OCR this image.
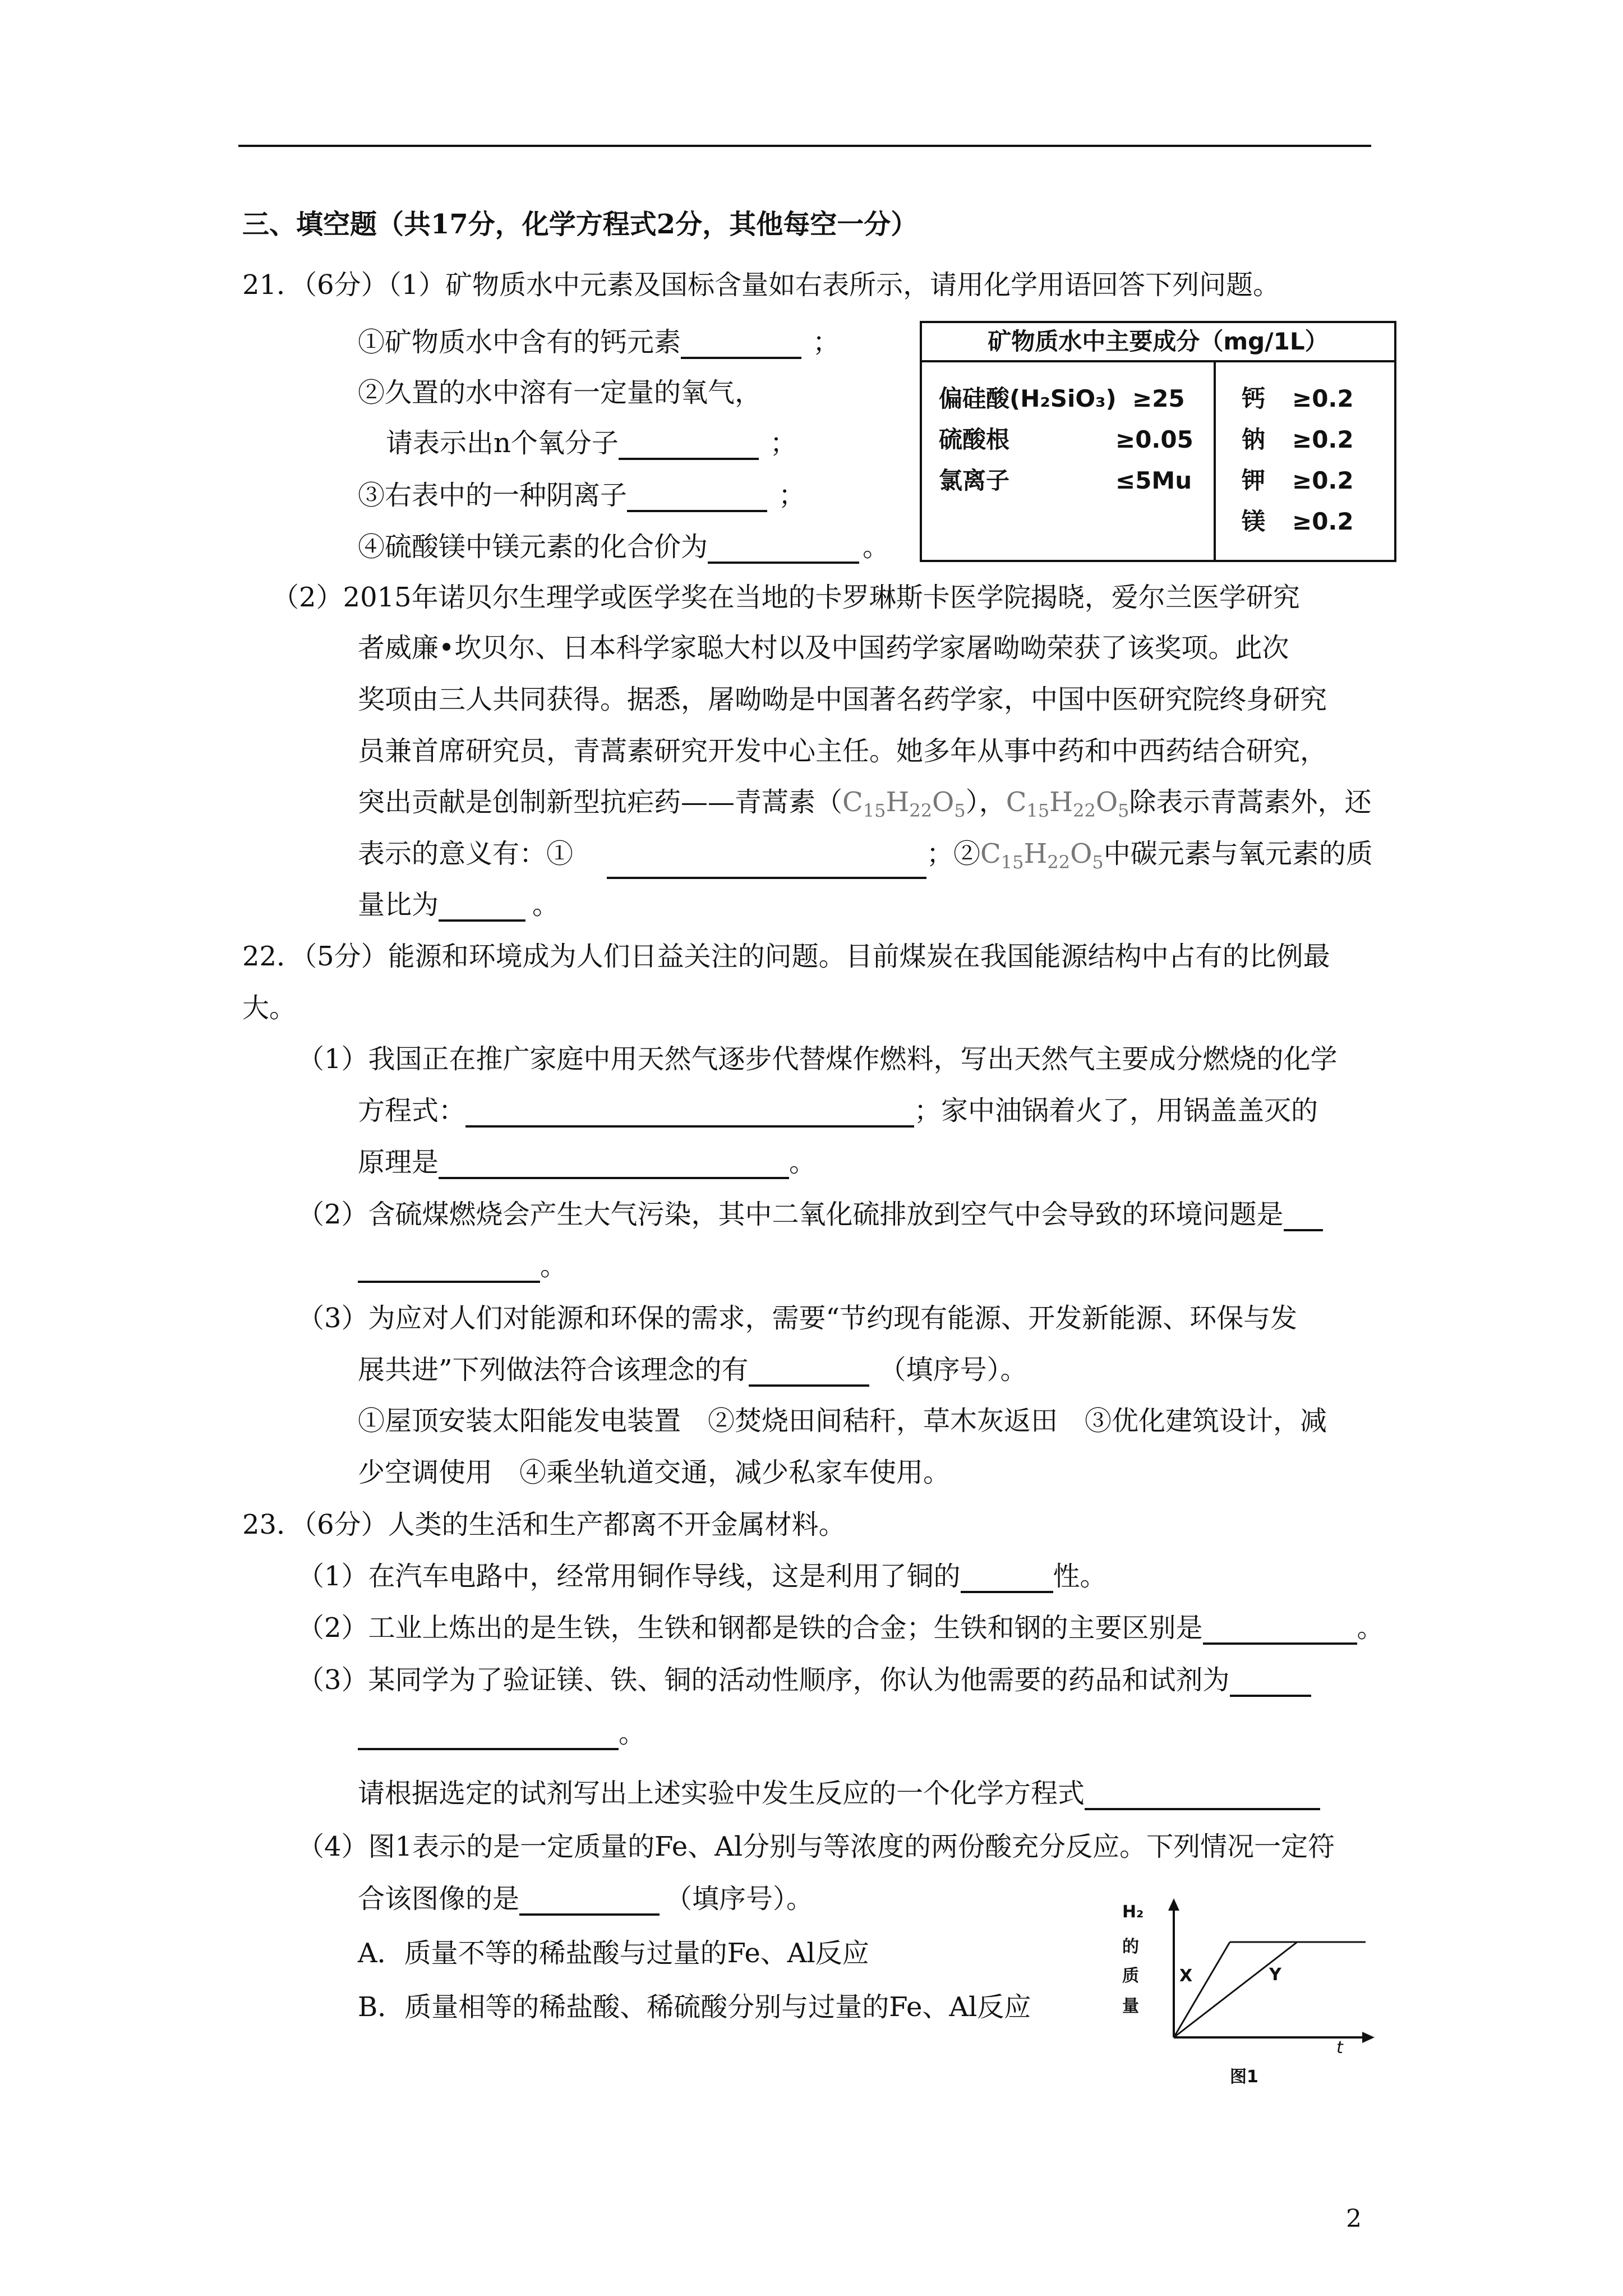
三、填空题（共17分，化学方程式2分，其他每空一分）
21．（6分）（1）矿物质水中元素及国标含量如右表所示，请用化学用语回答下列问题。
①矿物质水中含有的钙元素	；
②久置的水中溶有一定量的氧气，
请表示出n个氧分子	；
③右表中的一种阴离子	；
④硫酸镁中镁元素的化合价为	。
矿物质水中主要成分（mg/1L）
偏硅酸(H₂SiO₃) ≥25
硫酸根	≥0.05
氯离子	≤5Mu
钙 ≥0.2
钠 ≥0.2
钾 ≥0.2
镁 ≥0.2
（2）2015年诺贝尔生理学或医学奖在当地的卡罗琳斯卡医学院揭晓，爱尔兰医学研究
者威廉•坎贝尔、日本科学家聪大村以及中国药学家屠呦呦荣获了该奖项。此次
奖项由三人共同获得。据悉，屠呦呦是中国著名药学家，中国中医研究院终身研究
员兼首席研究员，青蒿素研究开发中心主任。她多年从事中药和中西药结合研究，
突出贡献是创制新型抗疟药——青蒿素$(C_{15}H_{22}O_5)$，$C_{15}H_{22}O_5$除表示青蒿素外，还
表示的意义有：①	；$②C_{15}H_{22}O_5$中碳元素与氧元素的质
量比为	。
22．（5分）能源和环境成为人们日益关注的问题。目前煤炭在我国能源结构中占有的比例最
大。
（1）我国正在推广家庭中用天然气逐步代替煤作燃料，写出天然气主要成分燃烧的化学
方程式：	；家中油锅着火了，用锅盖盖灭的
原理是	。
（2）含硫煤燃烧会产生大气污染，其中二氧化硫排放到空气中会导致的环境问题是
。
（3）为应对人们对能源和环保的需求，需要“节约现有能源、开发新能源、环保与发
展共进”下列做法符合该理念的有	（填序号）。
①屋顶安装太阳能发电装置　②焚烧田间秸秆，草木灰返田　③优化建筑设计，减
少空调使用　④乘坐轨道交通，减少私家车使用。
23．（6分）人类的生活和生产都离不开金属材料。
（1）在汽车电路中，经常用铜作导线，这是利用了铜的	性。
（2）工业上炼出的是生铁，生铁和钢都是铁的合金；生铁和钢的主要区别是	。
（3）某同学为了验证镁、铁、铜的活动性顺序，你认为他需要的药品和试剂为
。
请根据选定的试剂写出上述实验中发生反应的一个化学方程式
（4）图1表示的是一定质量的Fe、Al分别与等浓度的两份酸充分反应。下列情况一定符
合该图像的是	（填序号）。
A．质量不等的稀盐酸与过量的Fe、Al反应
B．质量相等的稀盐酸、稀硫酸分别与过量的Fe、Al反应
H₂
的
质
量
X	Y
t
图1
2
